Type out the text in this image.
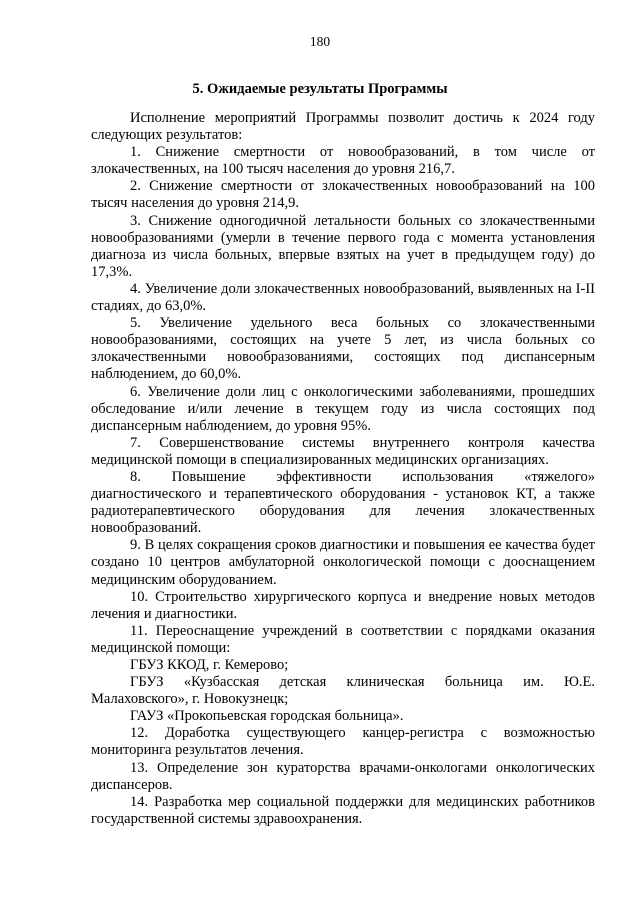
180
5. Ожидаемые результаты Программы

Исполнение мероприятий Программы позволит достичь к 2024 году следующих результатов:

1. Снижение смертности от новообразований, в том числе от злокачественных, на 100 тысяч населения до уровня 216,7.

2. Снижение смертности от злокачественных новообразований на 100 тысяч населения до уровня 214,9.

3. Снижение одногодичной летальности больных со злокачественными новообразованиями (умерли в течение первого года с момента установления диагноза из числа больных, впервые взятых на учет в предыдущем году) до 17,3%.

4. Увеличение доли злокачественных новообразований, выявленных на I-II стадиях, до 63,0%.

5. Увеличение удельного веса больных со злокачественными новообразованиями, состоящих на учете 5 лет, из числа больных со злокачественными новообразованиями, состоящих под диспансерным наблюдением, до 60,0%.

6. Увеличение доли лиц с онкологическими заболеваниями, прошедших обследование и/или лечение в текущем году из числа состоящих под диспансерным наблюдением, до уровня 95%.

7. Совершенствование системы внутреннего контроля качества медицинской помощи в специализированных медицинских организациях.

8. Повышение эффективности использования «тяжелого» диагностического и терапевтического оборудования - установок КТ, а также радиотерапевтического оборудования для лечения злокачественных новообразований.

9. В целях сокращения сроков диагностики и повышения ее качества будет создано 10 центров амбулаторной онкологической помощи с дооснащением медицинским оборудованием.

10. Строительство хирургического корпуса и внедрение новых методов лечения и диагностики.

11. Переоснащение учреждений в соответствии с порядками оказания медицинской помощи:

ГБУЗ ККОД, г. Кемерово;

ГБУЗ «Кузбасская детская клиническая больница им. Ю.Е. Малаховского», г. Новокузнецк;

ГАУЗ «Прокопьевская городская больница».

12. Доработка существующего канцер-регистра с возможностью мониторинга результатов лечения.

13. Определение зон кураторства врачами-онкологами онкологических диспансеров.

14. Разработка мер социальной поддержки для медицинских работников государственной системы здравоохранения.
